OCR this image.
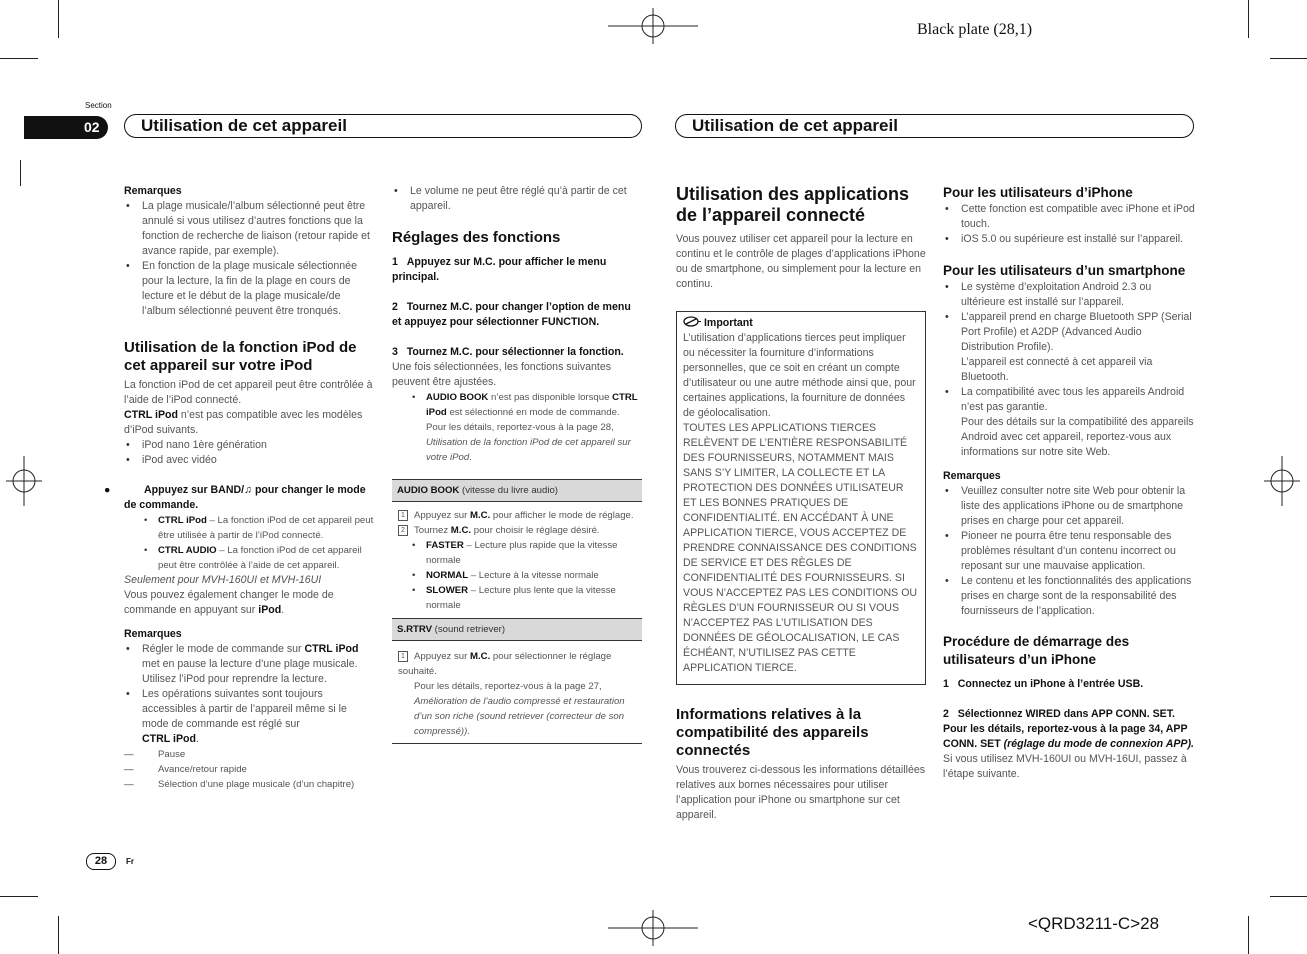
Black plate (28,1)
Section
02 Utilisation de cet appareil	Utilisation de cet appareil

Remarques

• La plage musicale/l’album sélectionné peut être annulé si vous utilisez d’autres fonctions que la fonction de recherche de liaison (retour rapide et avance rapide, par exemple).
• En fonction de la plage musicale sélectionnée pour la lecture, la fin de la plage en cours de lecture et le début de la plage musicale/de l’album sélectionné peuvent être tronqués.

Utilisation de la fonction iPod de cet appareil sur votre iPod

La fonction iPod de cet appareil peut être contrôlée à l’aide de l’iPod connecté.

CTRL iPod n’est pas compatible avec les modèles d’iPod suivants.

• iPod nano 1ère génération
• iPod avec vidéo

●	Appuyez sur BAND/♫ pour changer le mode de commande.

• CTRL iPod – La fonction iPod de cet appareil peut être utilisée à partir de l’iPod connecté.
• CTRL AUDIO – La fonction iPod de cet appareil peut être contrôlée à l’aide de cet appareil.

Seulement pour MVH-160UI et MVH-16UI

Vous pouvez également changer le mode de commande en appuyant sur iPod.

Remarques

• Régler le mode de commande sur CTRL iPod met en pause la lecture d’une plage musicale. Utilisez l’iPod pour reprendre la lecture.
• Les opérations suivantes sont toujours accessibles à partir de l’appareil même si le mode de commande est réglé sur
CTRL iPod.
— Pause
— Avance/retour rapide
— Sélection d’une plage musicale (d’un chapitre)
• Le volume ne peut être réglé qu’à partir de cet appareil.

Réglages des fonctions

1 Appuyez sur M.C. pour afficher le menu principal.

2 Tournez M.C. pour changer l’option de menu et appuyez pour sélectionner FUNCTION.

3 Tournez M.C. pour sélectionner la fonction.

Une fois sélectionnées, les fonctions suivantes peuvent être ajustées.

• AUDIO BOOK n’est pas disponible lorsque CTRL iPod est sélectionné en mode de commande. Pour les détails, reportez-vous à la page 28, Utilisation de la fonction iPod de cet appareil sur votre iPod.
AUDIO BOOK (vitesse du livre audio)

1 Appuyez sur M.C. pour afficher le mode de réglage.

2 Tournez M.C. pour choisir le réglage désiré.

• FASTER – Lecture plus rapide que la vitesse normale
• NORMAL – Lecture à la vitesse normale
• SLOWER – Lecture plus lente que la vitesse normale
S.RTRV (sound retriever)

1 Appuyez sur M.C. pour sélectionner le réglage souhaité.

Pour les détails, reportez-vous à la page 27, Amélioration de l’audio compressé et restauration d’un son riche (sound retriever (correcteur de son compressé)).

Utilisation des applications de l’appareil connecté

Vous pouvez utiliser cet appareil pour la lecture en continu et le contrôle de plages d’applications iPhone ou de smartphone, ou simplement pour la lecture en continu.

Important

L’utilisation d’applications tierces peut impliquer ou nécessiter la fourniture d’informations personnelles, que ce soit en créant un compte d’utilisateur ou une autre méthode ainsi que, pour certaines applications, la fourniture de données de géolocalisation.

TOUTES LES APPLICATIONS TIERCES RELÈVENT DE L’ENTIÈRE RESPONSABILITÉ DES FOURNISSEURS, NOTAMMENT MAIS SANS S’Y LIMITER, LA COLLECTE ET LA PROTECTION DES DONNÉES UTILISATEUR ET LES BONNES PRATIQUES DE CONFIDENTIALITÉ. EN ACCÉDANT À UNE APPLICATION TIERCE, VOUS ACCEPTEZ DE PRENDRE CONNAISSANCE DES CONDITIONS DE SERVICE ET DES RÈGLES DE CONFIDENTIALITÉ DES FOURNISSEURS. SI VOUS N’ACCEPTEZ PAS LES CONDITIONS OU RÈGLES D’UN FOURNISSEUR OU SI VOUS N’ACCEPTEZ PAS L’UTILISATION DES DONNÉES DE GÉOLOCALISATION, LE CAS ÉCHÉANT, N’UTILISEZ PAS CETTE APPLICATION TIERCE.

Informations relatives à la compatibilité des appareils connectés

Vous trouverez ci-dessous les informations détaillées relatives aux bornes nécessaires pour utiliser l’application pour iPhone ou smartphone sur cet appareil.

Pour les utilisateurs d’iPhone

• Cette fonction est compatible avec iPhone et iPod touch.
• iOS 5.0 ou supérieure est installé sur l’appareil.

Pour les utilisateurs d’un smartphone

• Le système d’exploitation Android 2.3 ou ultérieure est installé sur l’appareil.
• L’appareil prend en charge Bluetooth SPP (Serial Port Profile) et A2DP (Advanced Audio Distribution Profile).
L’appareil est connecté à cet appareil via Bluetooth.
• La compatibilité avec tous les appareils Android n’est pas garantie.
Pour des détails sur la compatibilité des appareils Android avec cet appareil, reportez-vous aux informations sur notre site Web.

Remarques

• Veuillez consulter notre site Web pour obtenir la liste des applications iPhone ou de smartphone prises en charge pour cet appareil.
• Pioneer ne pourra être tenu responsable des problèmes résultant d’un contenu incorrect ou reposant sur une mauvaise application.
• Le contenu et les fonctionnalités des applications prises en charge sont de la responsabilité des fournisseurs de l’application.

Procédure de démarrage des utilisateurs d’un iPhone

1 Connectez un iPhone à l’entrée USB.

2 Sélectionnez WIRED dans APP CONN. SET. Pour les détails, reportez-vous à la page 34, APP CONN. SET (réglage du mode de connexion APP).

Si vous utilisez MVH-160UI ou MVH-16UI, passez à l’étape suivante.

28	Fr
<QRD3211-C>28
